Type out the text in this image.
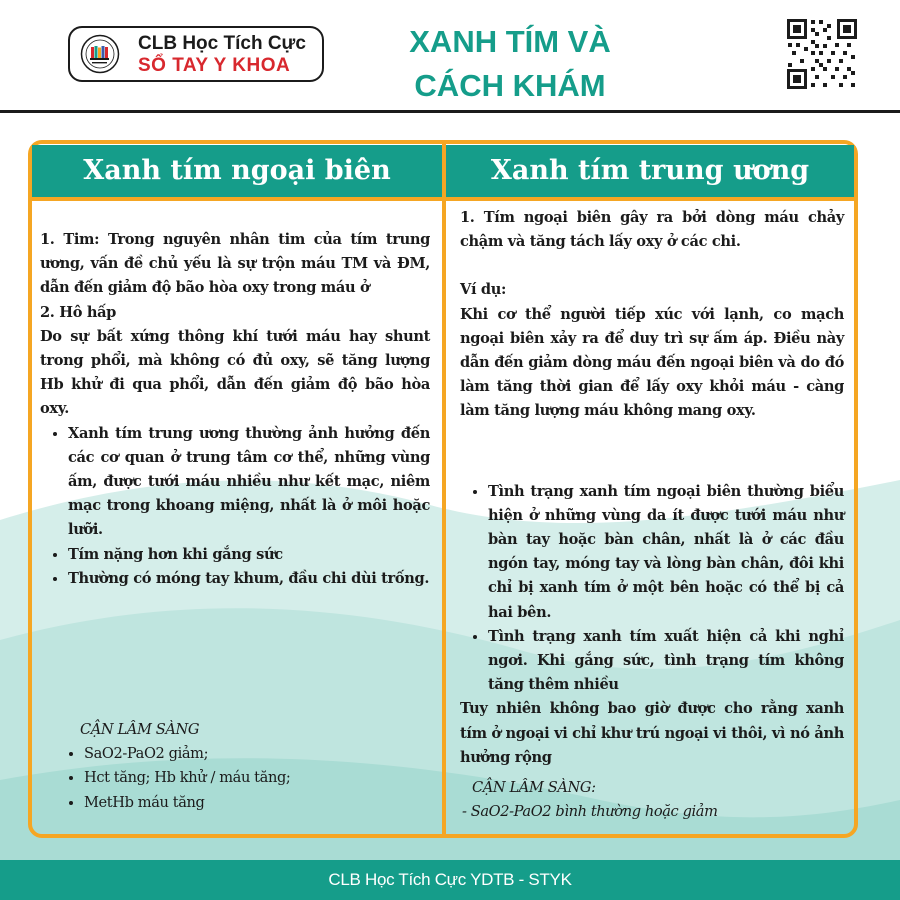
CLB Học Tích Cực
SỔ TAY Y KHOA
XANH TÍM VÀ
CÁCH KHÁM
Xanh tím ngoại biên	Xanh tím trung ương
1. Tim: Trong nguyên nhân tim của tím trung ương, vấn đề chủ yếu là sự trộn máu TM và ĐM, dẫn đến giảm độ bão hòa oxy trong máu ở
2. Hô hấp
Do sự bất xứng thông khí tưới máu hay shunt trong phổi, mà không có đủ oxy, sẽ tăng lượng Hb khử đi qua phổi, dẫn đến giảm độ bão hòa oxy.
• Xanh tím trung ương thường ảnh hưởng đến các cơ quan ở trung tâm cơ thể, những vùng ấm, được tưới máu nhiều như kết mạc, niêm mạc trong khoang miệng, nhất là ở môi hoặc lưỡi.
• Tím nặng hơn khi gắng sức
• Thường có móng tay khum, đầu chi dùi trống.
CẬN LÂM SÀNG
• SaO2-PaO2 giảm;
• Hct tăng; Hb khử / máu tăng;
• MetHb máu tăng
1. Tím ngoại biên gây ra bởi dòng máu chảy chậm và tăng tách lấy oxy ở các chi.
Ví dụ:
Khi cơ thể người tiếp xúc với lạnh, co mạch ngoại biên xảy ra để duy trì sự ấm áp. Điều này dẫn đến giảm dòng máu đến ngoại biên và do đó làm tăng thời gian để lấy oxy khỏi máu - càng làm tăng lượng máu không mang oxy.
• Tình trạng xanh tím ngoại biên thường biểu hiện ở những vùng da ít được tưới máu như bàn tay hoặc bàn chân, nhất là ở các đầu ngón tay, móng tay và lòng bàn chân, đôi khi chỉ bị xanh tím ở một bên hoặc có thể bị cả hai bên.
• Tình trạng xanh tím xuất hiện cả khi nghỉ ngơi. Khi gắng sức, tình trạng tím không tăng thêm nhiều
Tuy nhiên không bao giờ được cho rằng xanh tím ở ngoại vi chỉ khư trú ngoại vi thôi, vì nó ảnh hưởng rộng
CẬN LÂM SÀNG:
- SaO2-PaO2 bình thường hoặc giảm
CLB Học Tích Cực YDTB - STYK
